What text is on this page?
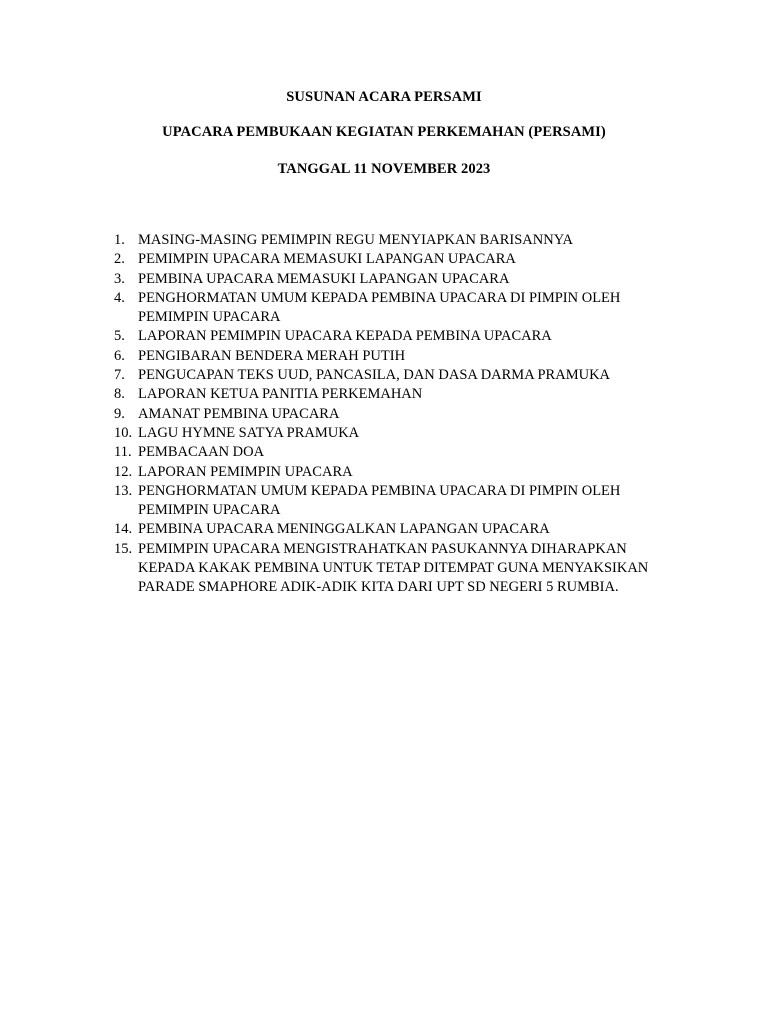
SUSUNAN ACARA PERSAMI
UPACARA PEMBUKAAN KEGIATAN PERKEMAHAN (PERSAMI)
TANGGAL 11 NOVEMBER 2023
1. MASING-MASING PEMIMPIN REGU MENYIAPKAN BARISANNYA
2. PEMIMPIN UPACARA MEMASUKI LAPANGAN UPACARA
3. PEMBINA UPACARA MEMASUKI LAPANGAN UPACARA
4. PENGHORMATAN UMUM KEPADA PEMBINA UPACARA DI PIMPIN OLEH PEMIMPIN UPACARA
5. LAPORAN PEMIMPIN UPACARA KEPADA PEMBINA UPACARA
6. PENGIBARAN BENDERA MERAH PUTIH
7. PENGUCAPAN TEKS UUD, PANCASILA, DAN DASA DARMA PRAMUKA
8. LAPORAN KETUA PANITIA PERKEMAHAN
9. AMANAT PEMBINA UPACARA
10. LAGU HYMNE SATYA PRAMUKA
11. PEMBACAAN DOA
12. LAPORAN PEMIMPIN UPACARA
13. PENGHORMATAN UMUM KEPADA PEMBINA UPACARA DI PIMPIN OLEH PEMIMPIN UPACARA
14. PEMBINA UPACARA MENINGGALKAN LAPANGAN UPACARA
15. PEMIMPIN UPACARA MENGISTRAHATKAN PASUKANNYA DIHARAPKAN KEPADA KAKAK PEMBINA UNTUK TETAP DITEMPAT GUNA MENYAKSIKAN PARADE SMAPHORE ADIK-ADIK KITA DARI UPT SD NEGERI 5 RUMBIA.
